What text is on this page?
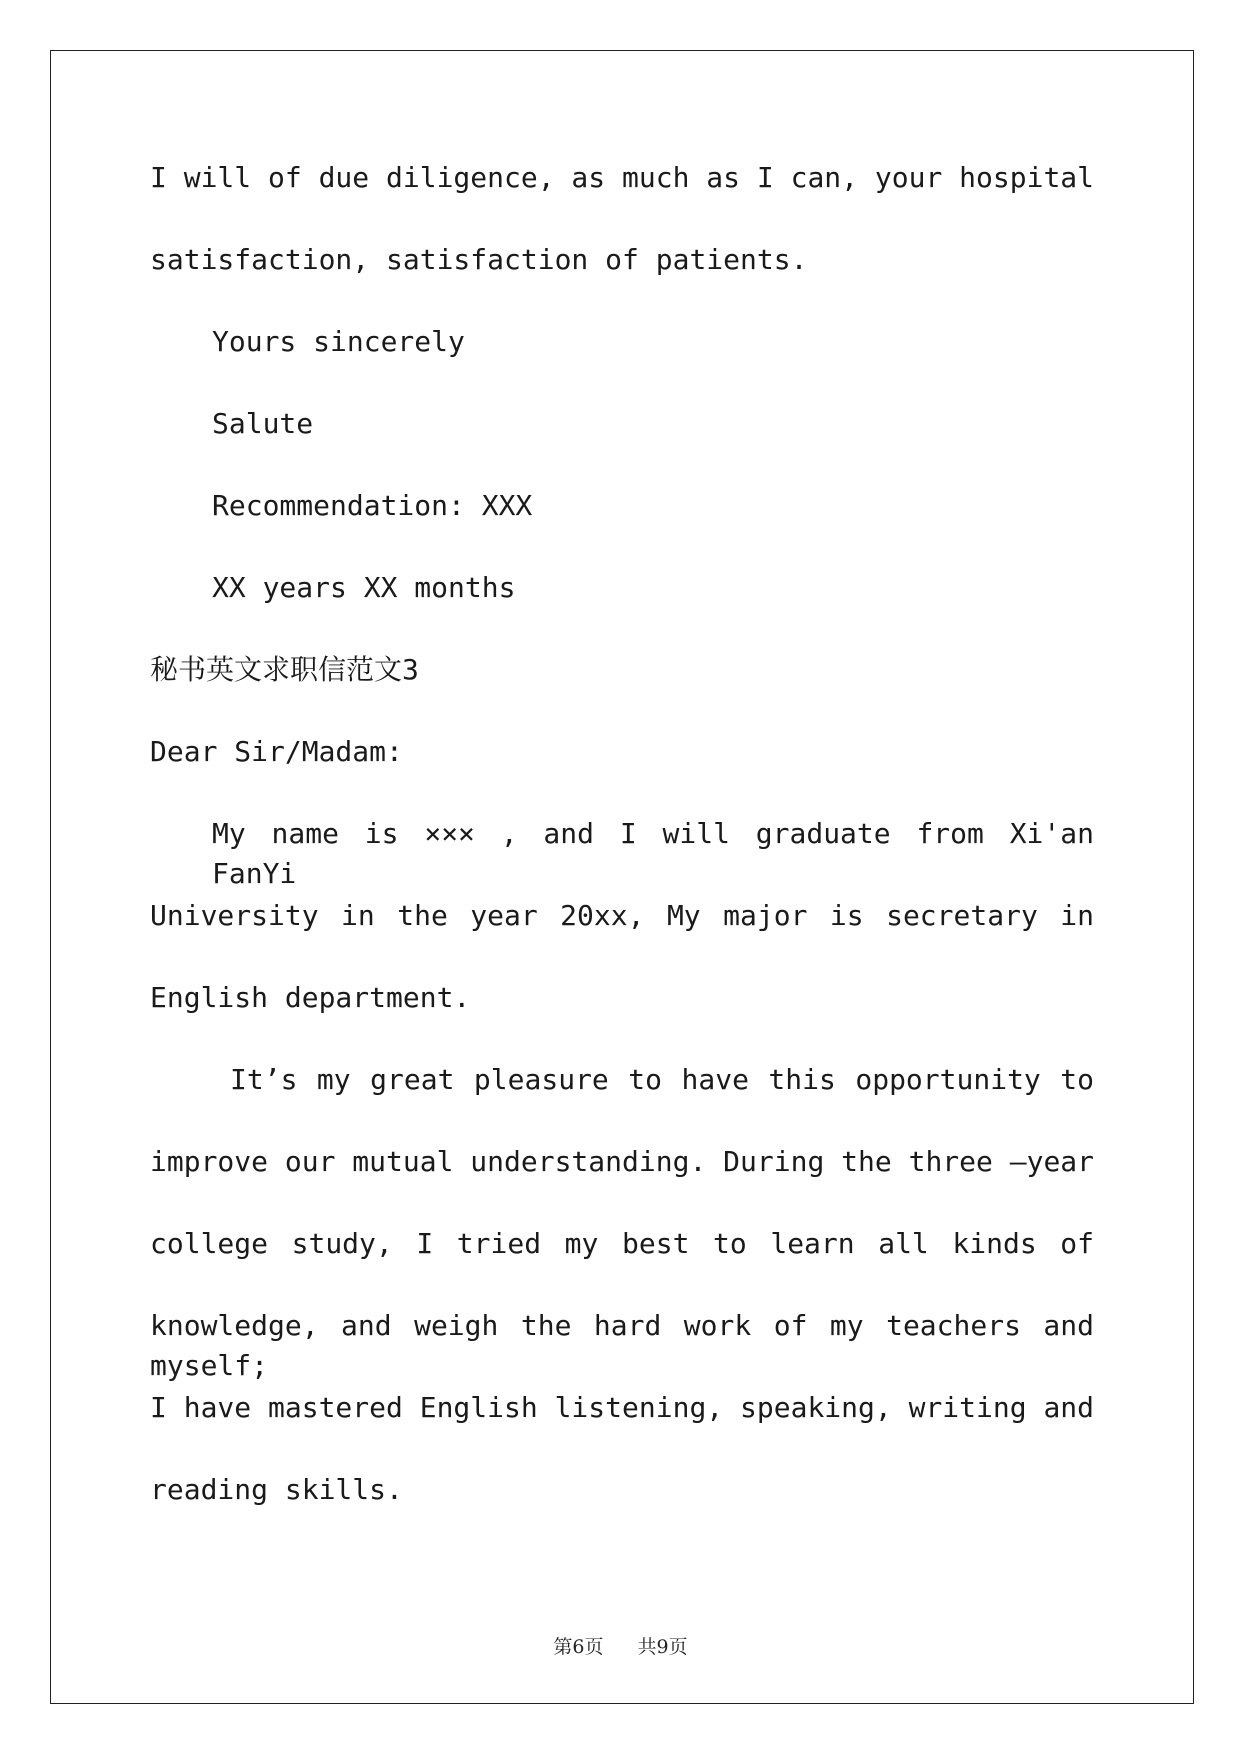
I will of due diligence, as much as I can, your hospital
satisfaction, satisfaction of patients.
Yours sincerely
Salute
Recommendation: XXX
XX years XX months
秘书英文求职信范文3
Dear Sir/Madam:
My name is ××× , and I will graduate from Xi'an FanYi
University in the year 20xx, My major is secretary in
English department.
It’s my great pleasure to have this opportunity to
improve our mutual understanding. During the three –year
college study, I tried my best to learn all kinds of
knowledge, and weigh the hard work of my teachers and myself;
I have mastered English listening, speaking, writing and
reading skills.
第6页 共9页
